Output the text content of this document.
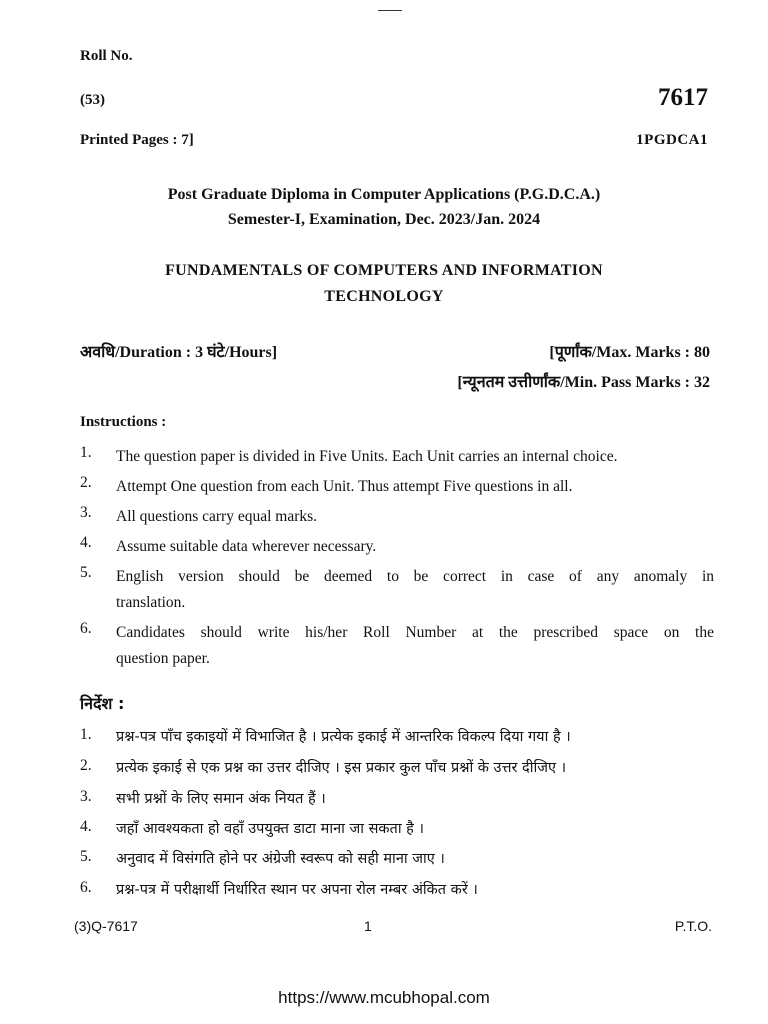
Roll No.
(53)	7617
Printed Pages : 7]	1PGDCA1
Post Graduate Diploma in Computer Applications (P.G.D.C.A.)
Semester-I, Examination, Dec. 2023/Jan. 2024
FUNDAMENTALS OF COMPUTERS AND INFORMATION
TECHNOLOGY
अवधि/Duration : 3 घंटे/Hours]	[पूर्णांक/Max. Marks : 80
[न्यूनतम उत्तीर्णांक/Min. Pass Marks : 32
Instructions :
1.	The question paper is divided in Five Units. Each Unit carries an internal choice.
2.	Attempt One question from each Unit. Thus attempt Five questions in all.
3.	All questions carry equal marks.
4.	Assume suitable data wherever necessary.
5.	English version should be deemed to be correct in case of any anomaly in
translation.
6.	Candidates should write his/her Roll Number at the prescribed space on the
question paper.
निर्देश :
1.	प्रश्न-पत्र पाँच इकाइयों में विभाजित है । प्रत्येक इकाई में आन्तरिक विकल्प दिया गया है ।
2.	प्रत्येक इकाई से एक प्रश्न का उत्तर दीजिए । इस प्रकार कुल पाँच प्रश्नों के उत्तर दीजिए ।
3.	सभी प्रश्नों के लिए समान अंक नियत हैं ।
4.	जहाँ आवश्यकता हो वहाँ उपयुक्त डाटा माना जा सकता है ।
5.	अनुवाद में विसंगति होने पर अंग्रेजी स्वरूप को सही माना जाए ।
6.	प्रश्न-पत्र में परीक्षार्थी निर्धारित स्थान पर अपना रोल नम्बर अंकित करें ।
(3)Q-7617	1	P.T.O.
https://www.mcubhopal.com
